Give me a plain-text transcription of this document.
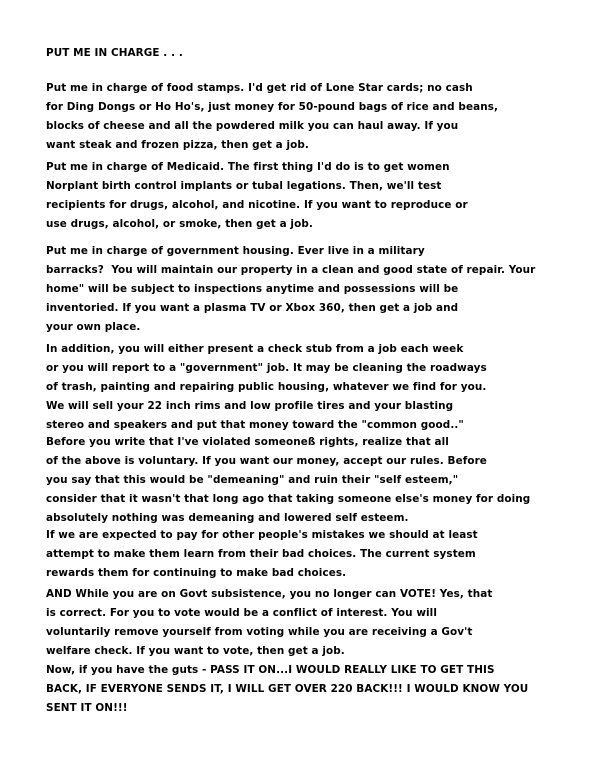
PUT ME IN CHARGE . . .
Put me in charge of food stamps. I'd get rid of Lone Star cards; no cash
for Ding Dongs or Ho Ho's, just money for 50-pound bags of rice and beans,
blocks of cheese and all the powdered milk you can haul away. If you
want steak and frozen pizza, then get a job.
Put me in charge of Medicaid. The first thing I'd do is to get women
Norplant birth control implants or tubal legations. Then, we'll test
recipients for drugs, alcohol, and nicotine. If you want to reproduce or
use drugs, alcohol, or smoke, then get a job.
Put me in charge of government housing. Ever live in a military
barracks?  You will maintain our property in a clean and good state of repair. Your
home" will be subject to inspections anytime and possessions will be
inventoried. If you want a plasma TV or Xbox 360, then get a job and
your own place.
In addition, you will either present a check stub from a job each week
or you will report to a "government" job. It may be cleaning the roadways
of trash, painting and repairing public housing, whatever we find for you.
We will sell your 22 inch rims and low profile tires and your blasting
stereo and speakers and put that money toward the "common good.."
Before you write that I've violated someoneß rights, realize that all
of the above is voluntary. If you want our money, accept our rules. Before
you say that this would be "demeaning" and ruin their "self esteem,"
consider that it wasn't that long ago that taking someone else's money for doing
absolutely nothing was demeaning and lowered self esteem.
If we are expected to pay for other people's mistakes we should at least
attempt to make them learn from their bad choices. The current system
rewards them for continuing to make bad choices.
AND While you are on Govt subsistence, you no longer can VOTE! Yes, that
is correct. For you to vote would be a conflict of interest. You will
voluntarily remove yourself from voting while you are receiving a Gov't
welfare check. If you want to vote, then get a job.
Now, if you have the guts - PASS IT ON...I WOULD REALLY LIKE TO GET THIS
BACK, IF EVERYONE SENDS IT, I WILL GET OVER 220 BACK!!! I WOULD KNOW YOU
SENT IT ON!!!
